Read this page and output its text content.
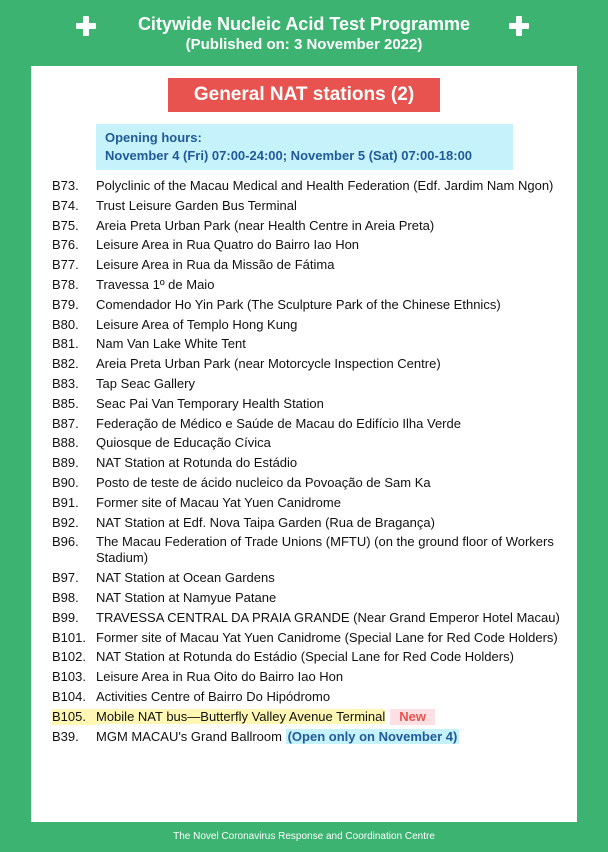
Citywide Nucleic Acid Test Programme
(Published on: 3 November 2022)
General NAT stations (2)
Opening hours:
November 4 (Fri) 07:00-24:00; November 5 (Sat) 07:00-18:00
B73.	Polyclinic of the Macau Medical and Health Federation (Edf. Jardim Nam Ngon)
B74.	Trust Leisure Garden Bus Terminal
B75.	Areia Preta Urban Park (near Health Centre in Areia Preta)
B76.	Leisure Area in Rua Quatro do Bairro Iao Hon
B77.	Leisure Area in Rua da Missão de Fátima
B78.	Travessa 1º de Maio
B79.	Comendador Ho Yin Park (The Sculpture Park of the Chinese Ethnics)
B80.	Leisure Area of Templo Hong Kung
B81.	Nam Van Lake White Tent
B82.	Areia Preta Urban Park (near Motorcycle Inspection Centre)
B83.	Tap Seac Gallery
B85.	Seac Pai Van Temporary Health Station
B87.	Federação de Médico e Saúde de Macau do Edifício Ilha Verde
B88.	Quiosque de Educação Cívica
B89.	NAT Station at Rotunda do Estádio
B90.	Posto de teste de ácido nucleico da Povoação de Sam Ka
B91.	Former site of Macau Yat Yuen Canidrome
B92.	NAT Station at Edf. Nova Taipa Garden (Rua de Bragança)
B96.	The Macau Federation of Trade Unions (MFTU) (on the ground floor of Workers Stadium)
B97.	NAT Station at Ocean Gardens
B98.	NAT Station at Namyue Patane
B99.	TRAVESSA CENTRAL DA PRAIA GRANDE (Near Grand Emperor Hotel Macau)
B101. Former site of Macau Yat Yuen Canidrome (Special Lane for Red Code Holders)
B102. NAT Station at Rotunda do Estádio (Special Lane for Red Code Holders)
B103. Leisure Area in Rua Oito do Bairro Iao Hon
B104. Activities Centre of Bairro Do Hipódromo
B105. Mobile NAT bus—Butterfly Valley Avenue Terminal New
B39.	MGM MACAU's Grand Ballroom (Open only on November 4)
The Novel Coronavirus Response and Coordination Centre
